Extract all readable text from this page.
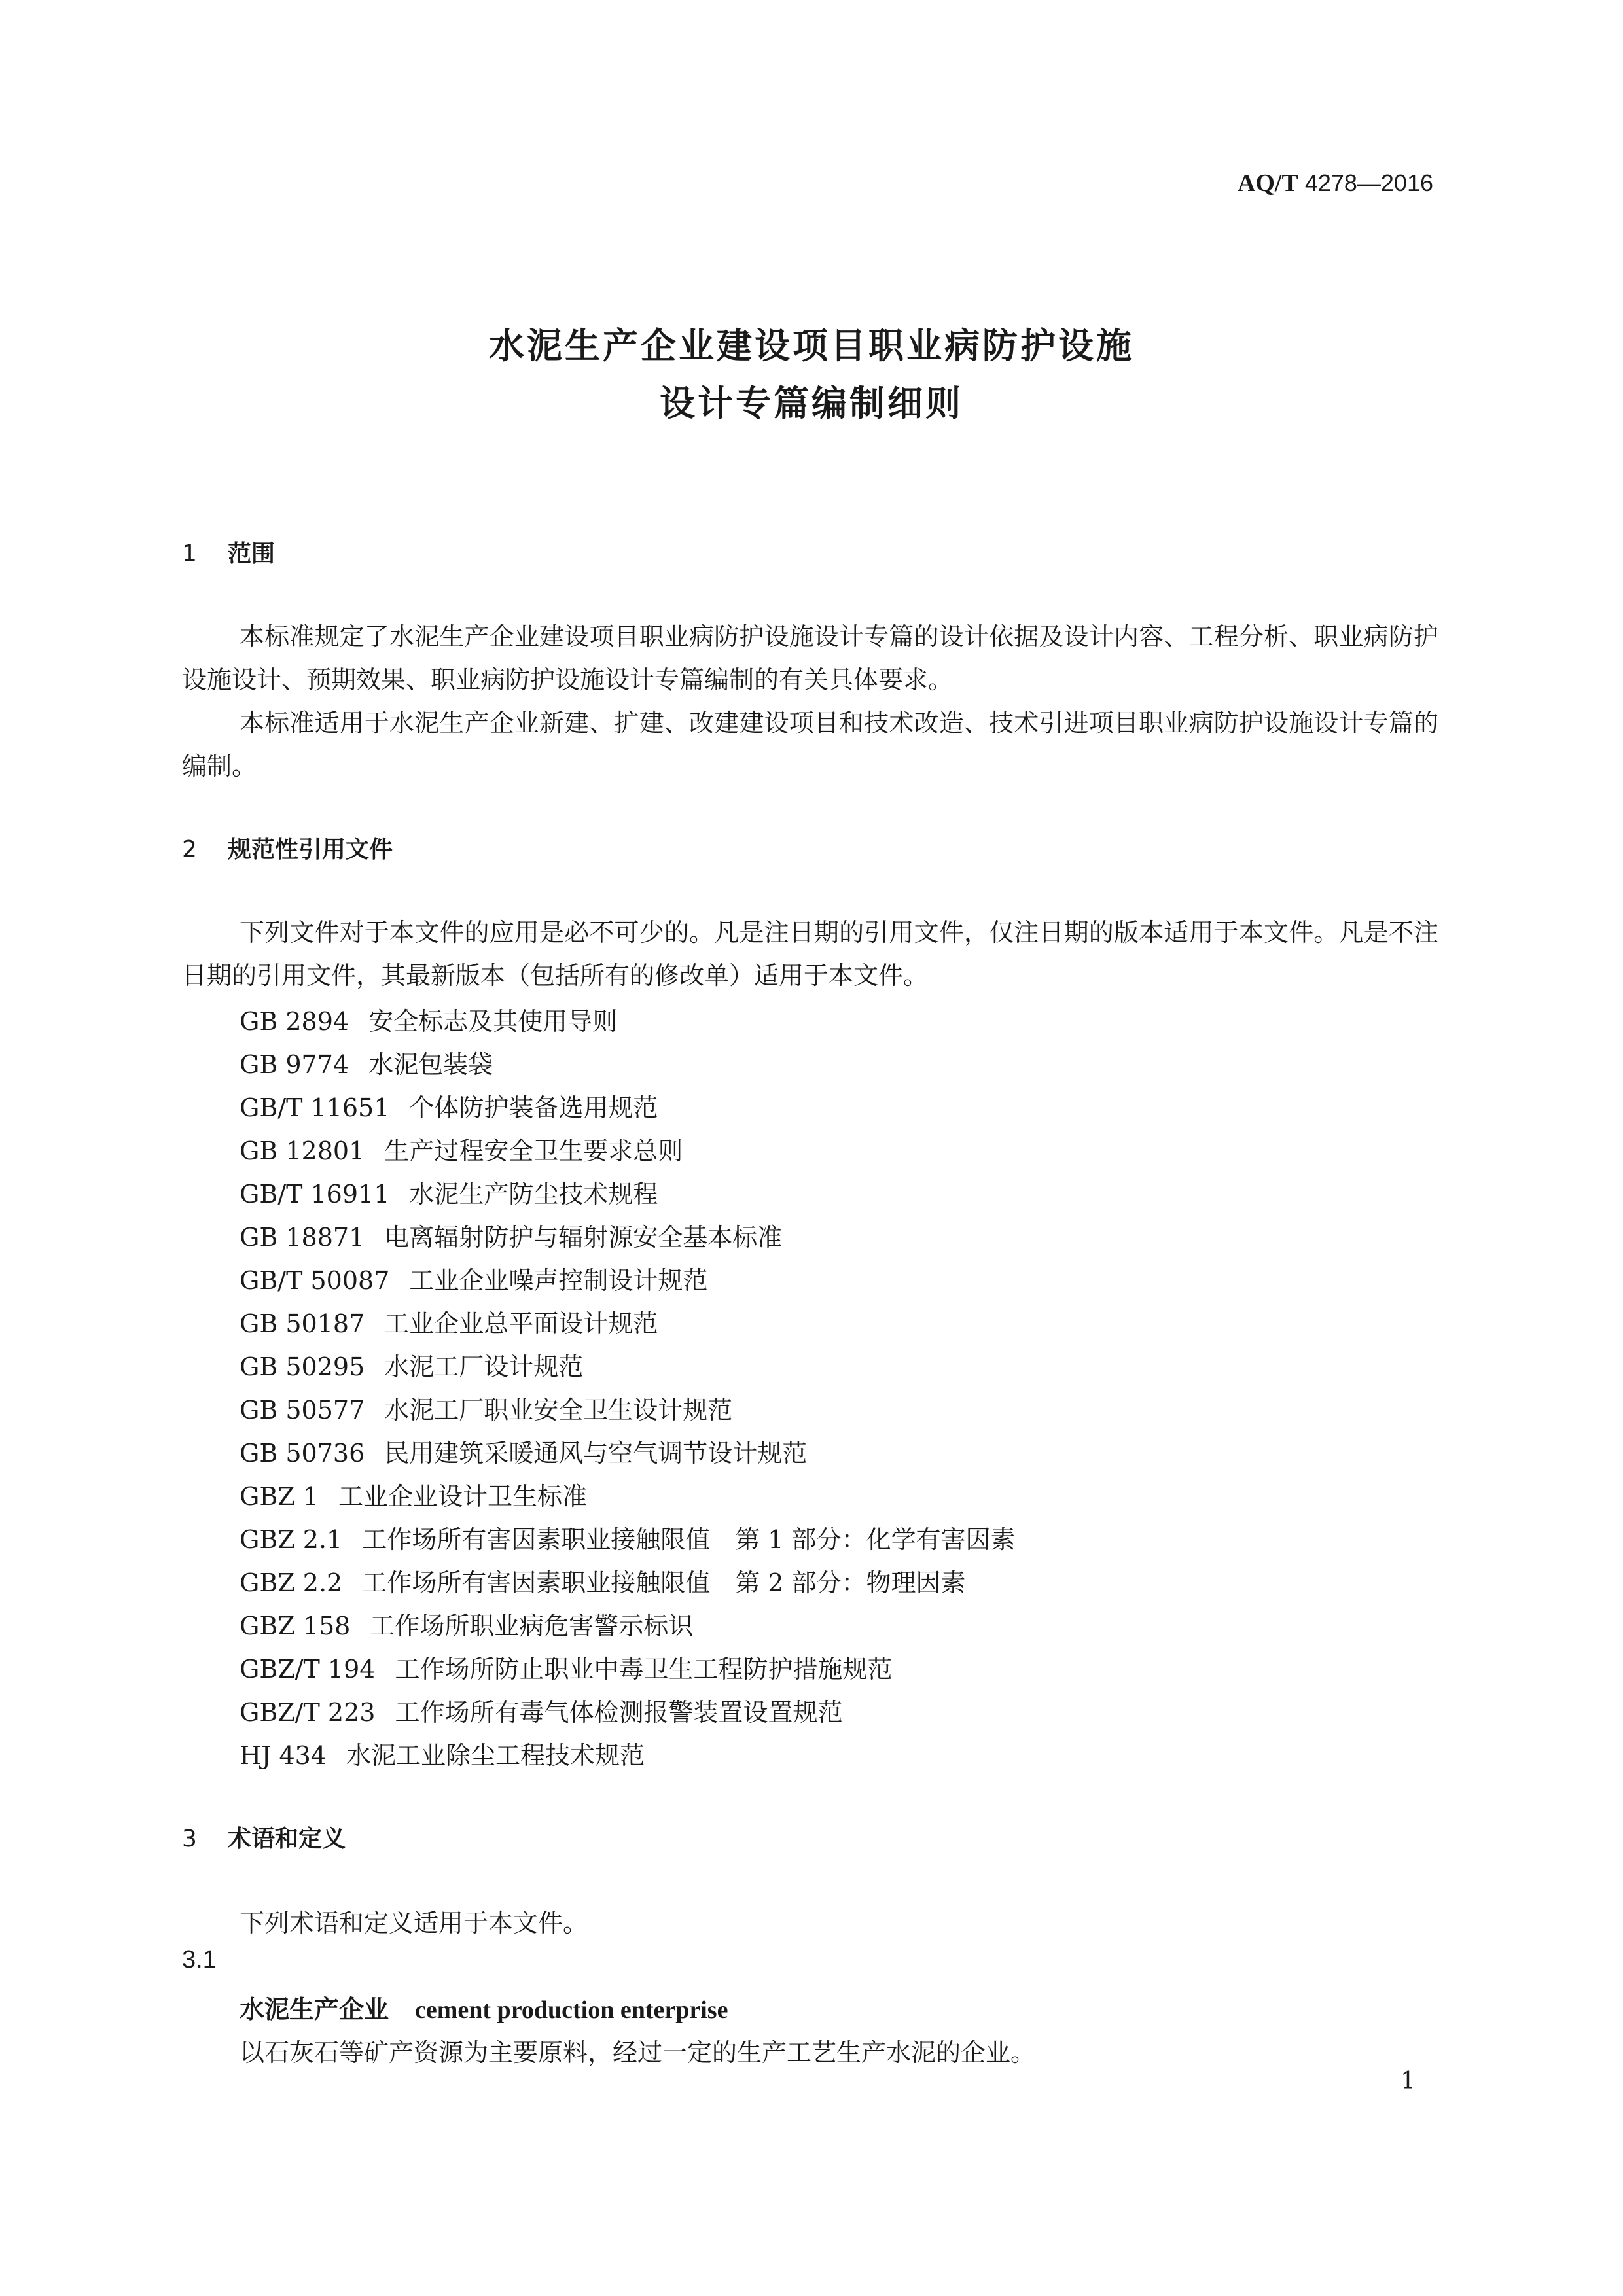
AQ/T 4278—2016
水泥生产企业建设项目职业病防护设施
设计专篇编制细则
1 范围
本标准规定了水泥生产企业建设项目职业病防护设施设计专篇的设计依据及设计内容、工程分析、职业病防护设施设计、预期效果、职业病防护设施设计专篇编制的有关具体要求。
本标准适用于水泥生产企业新建、扩建、改建建设项目和技术改造、技术引进项目职业病防护设施设计专篇的编制。
2 规范性引用文件
下列文件对于本文件的应用是必不可少的。凡是注日期的引用文件，仅注日期的版本适用于本文件。凡是不注日期的引用文件，其最新版本（包括所有的修改单）适用于本文件。
GB 2894 安全标志及其使用导则
GB 9774 水泥包装袋
GB/T 11651 个体防护装备选用规范
GB 12801 生产过程安全卫生要求总则
GB/T 16911 水泥生产防尘技术规程
GB 18871 电离辐射防护与辐射源安全基本标准
GB/T 50087 工业企业噪声控制设计规范
GB 50187 工业企业总平面设计规范
GB 50295 水泥工厂设计规范
GB 50577 水泥工厂职业安全卫生设计规范
GB 50736 民用建筑采暖通风与空气调节设计规范
GBZ 1 工业企业设计卫生标准
GBZ 2.1 工作场所有害因素职业接触限值　第 1 部分：化学有害因素
GBZ 2.2 工作场所有害因素职业接触限值　第 2 部分：物理因素
GBZ 158 工作场所职业病危害警示标识
GBZ/T 194 工作场所防止职业中毒卫生工程防护措施规范
GBZ/T 223 工作场所有毒气体检测报警装置设置规范
HJ 434 水泥工业除尘工程技术规范
3 术语和定义
下列术语和定义适用于本文件。
3.1
水泥生产企业 cement production enterprise
以石灰石等矿产资源为主要原料，经过一定的生产工艺生产水泥的企业。
1
